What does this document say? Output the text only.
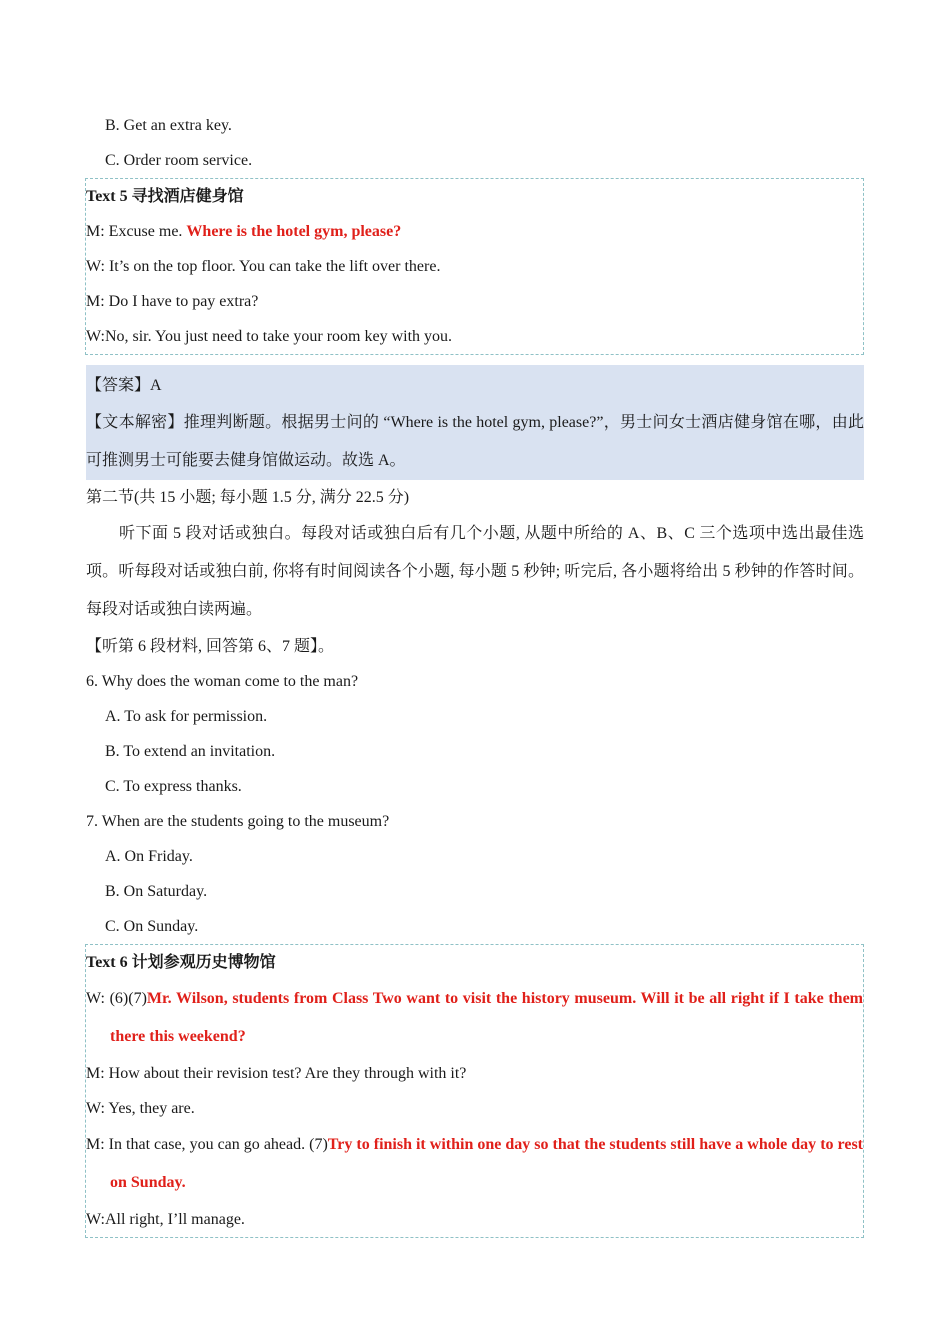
B. Get an extra key.
C. Order room service.
Text 5 寻找酒店健身馆
M: Excuse me. Where is the hotel gym, please?
W: It’s on the top floor. You can take the lift over there.
M: Do I have to pay extra?
W:No, sir. You just need to take your room key with you.
【答案】A
【文本解密】推理判断题。根据男士问的 “Where is the hotel gym, please?”，男士问女士酒店健身馆在哪，由此可推测男士可能要去健身馆做运动。故选 A。
第二节(共 15 小题; 每小题 1.5 分, 满分 22.5 分)
听下面 5 段对话或独白。每段对话或独白后有几个小题, 从题中所给的 A、B、C 三个选项中选出最佳选项。听每段对话或独白前, 你将有时间阅读各个小题, 每小题 5 秒钟; 听完后, 各小题将给出 5 秒钟的作答时间。每段对话或独白读两遍。
【听第 6 段材料, 回答第 6、7 题】。
6. Why does the woman come to the man?
A. To ask for permission.
B. To extend an invitation.
C. To express thanks.
7. When are the students going to the museum?
A. On Friday.
B. On Saturday.
C. On Sunday.
Text 6 计划参观历史博物馆
W: (6)(7)Mr. Wilson, students from Class Two want to visit the history museum. Will it be all right if I take them there this weekend?
M: How about their revision test? Are they through with it?
W: Yes, they are.
M: In that case, you can go ahead. (7)Try to finish it within one day so that the students still have a whole day to rest on Sunday.
W:All right, I’ll manage.
